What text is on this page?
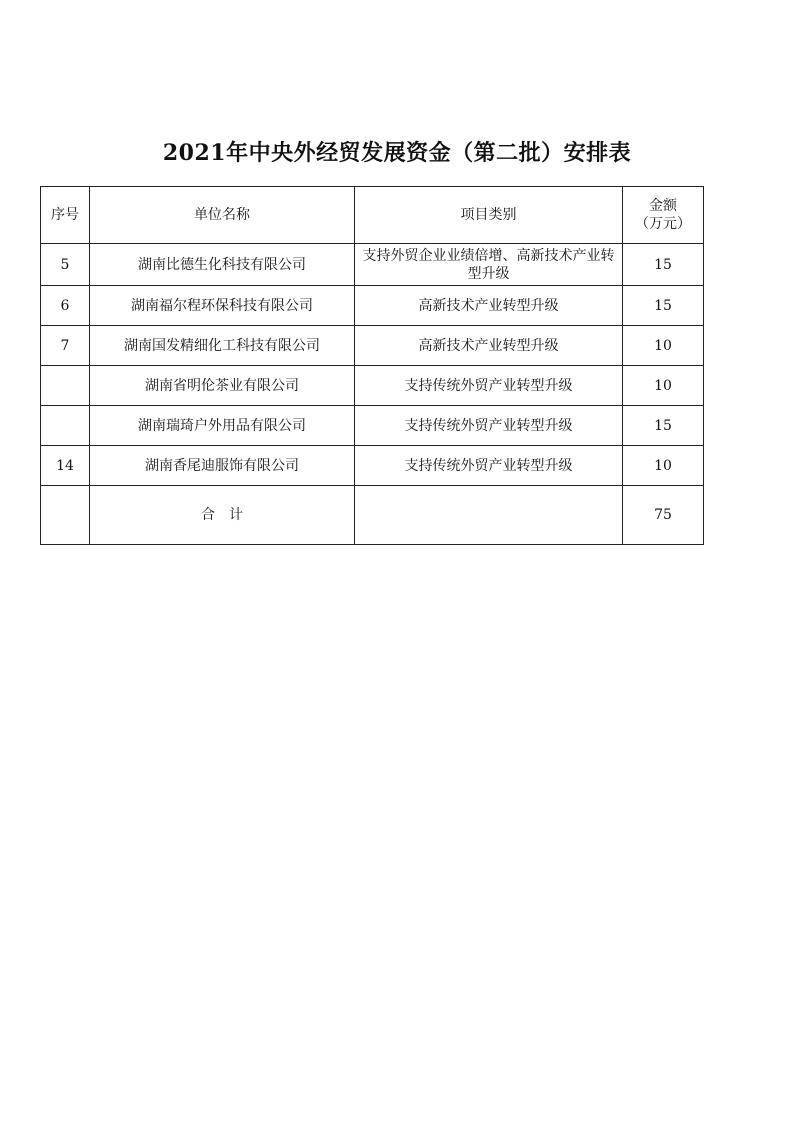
2021年中央外经贸发展资金（第二批）安排表
序号	单位名称	项目类别	金额
（万元）

5	湖南比德生化科技有限公司	支持外贸企业业绩倍增、高新技术产业转型升级	15
6	湖南福尔程环保科技有限公司	高新技术产业转型升级	15
7	湖南国发精细化工科技有限公司	高新技术产业转型升级	10
	湖南省明伦茶业有限公司	支持传统外贸产业转型升级	10
	湖南瑞琦户外用品有限公司	支持传统外贸产业转型升级	15
14	湖南香尾迪服饰有限公司	支持传统外贸产业转型升级	10
	合　计		75
